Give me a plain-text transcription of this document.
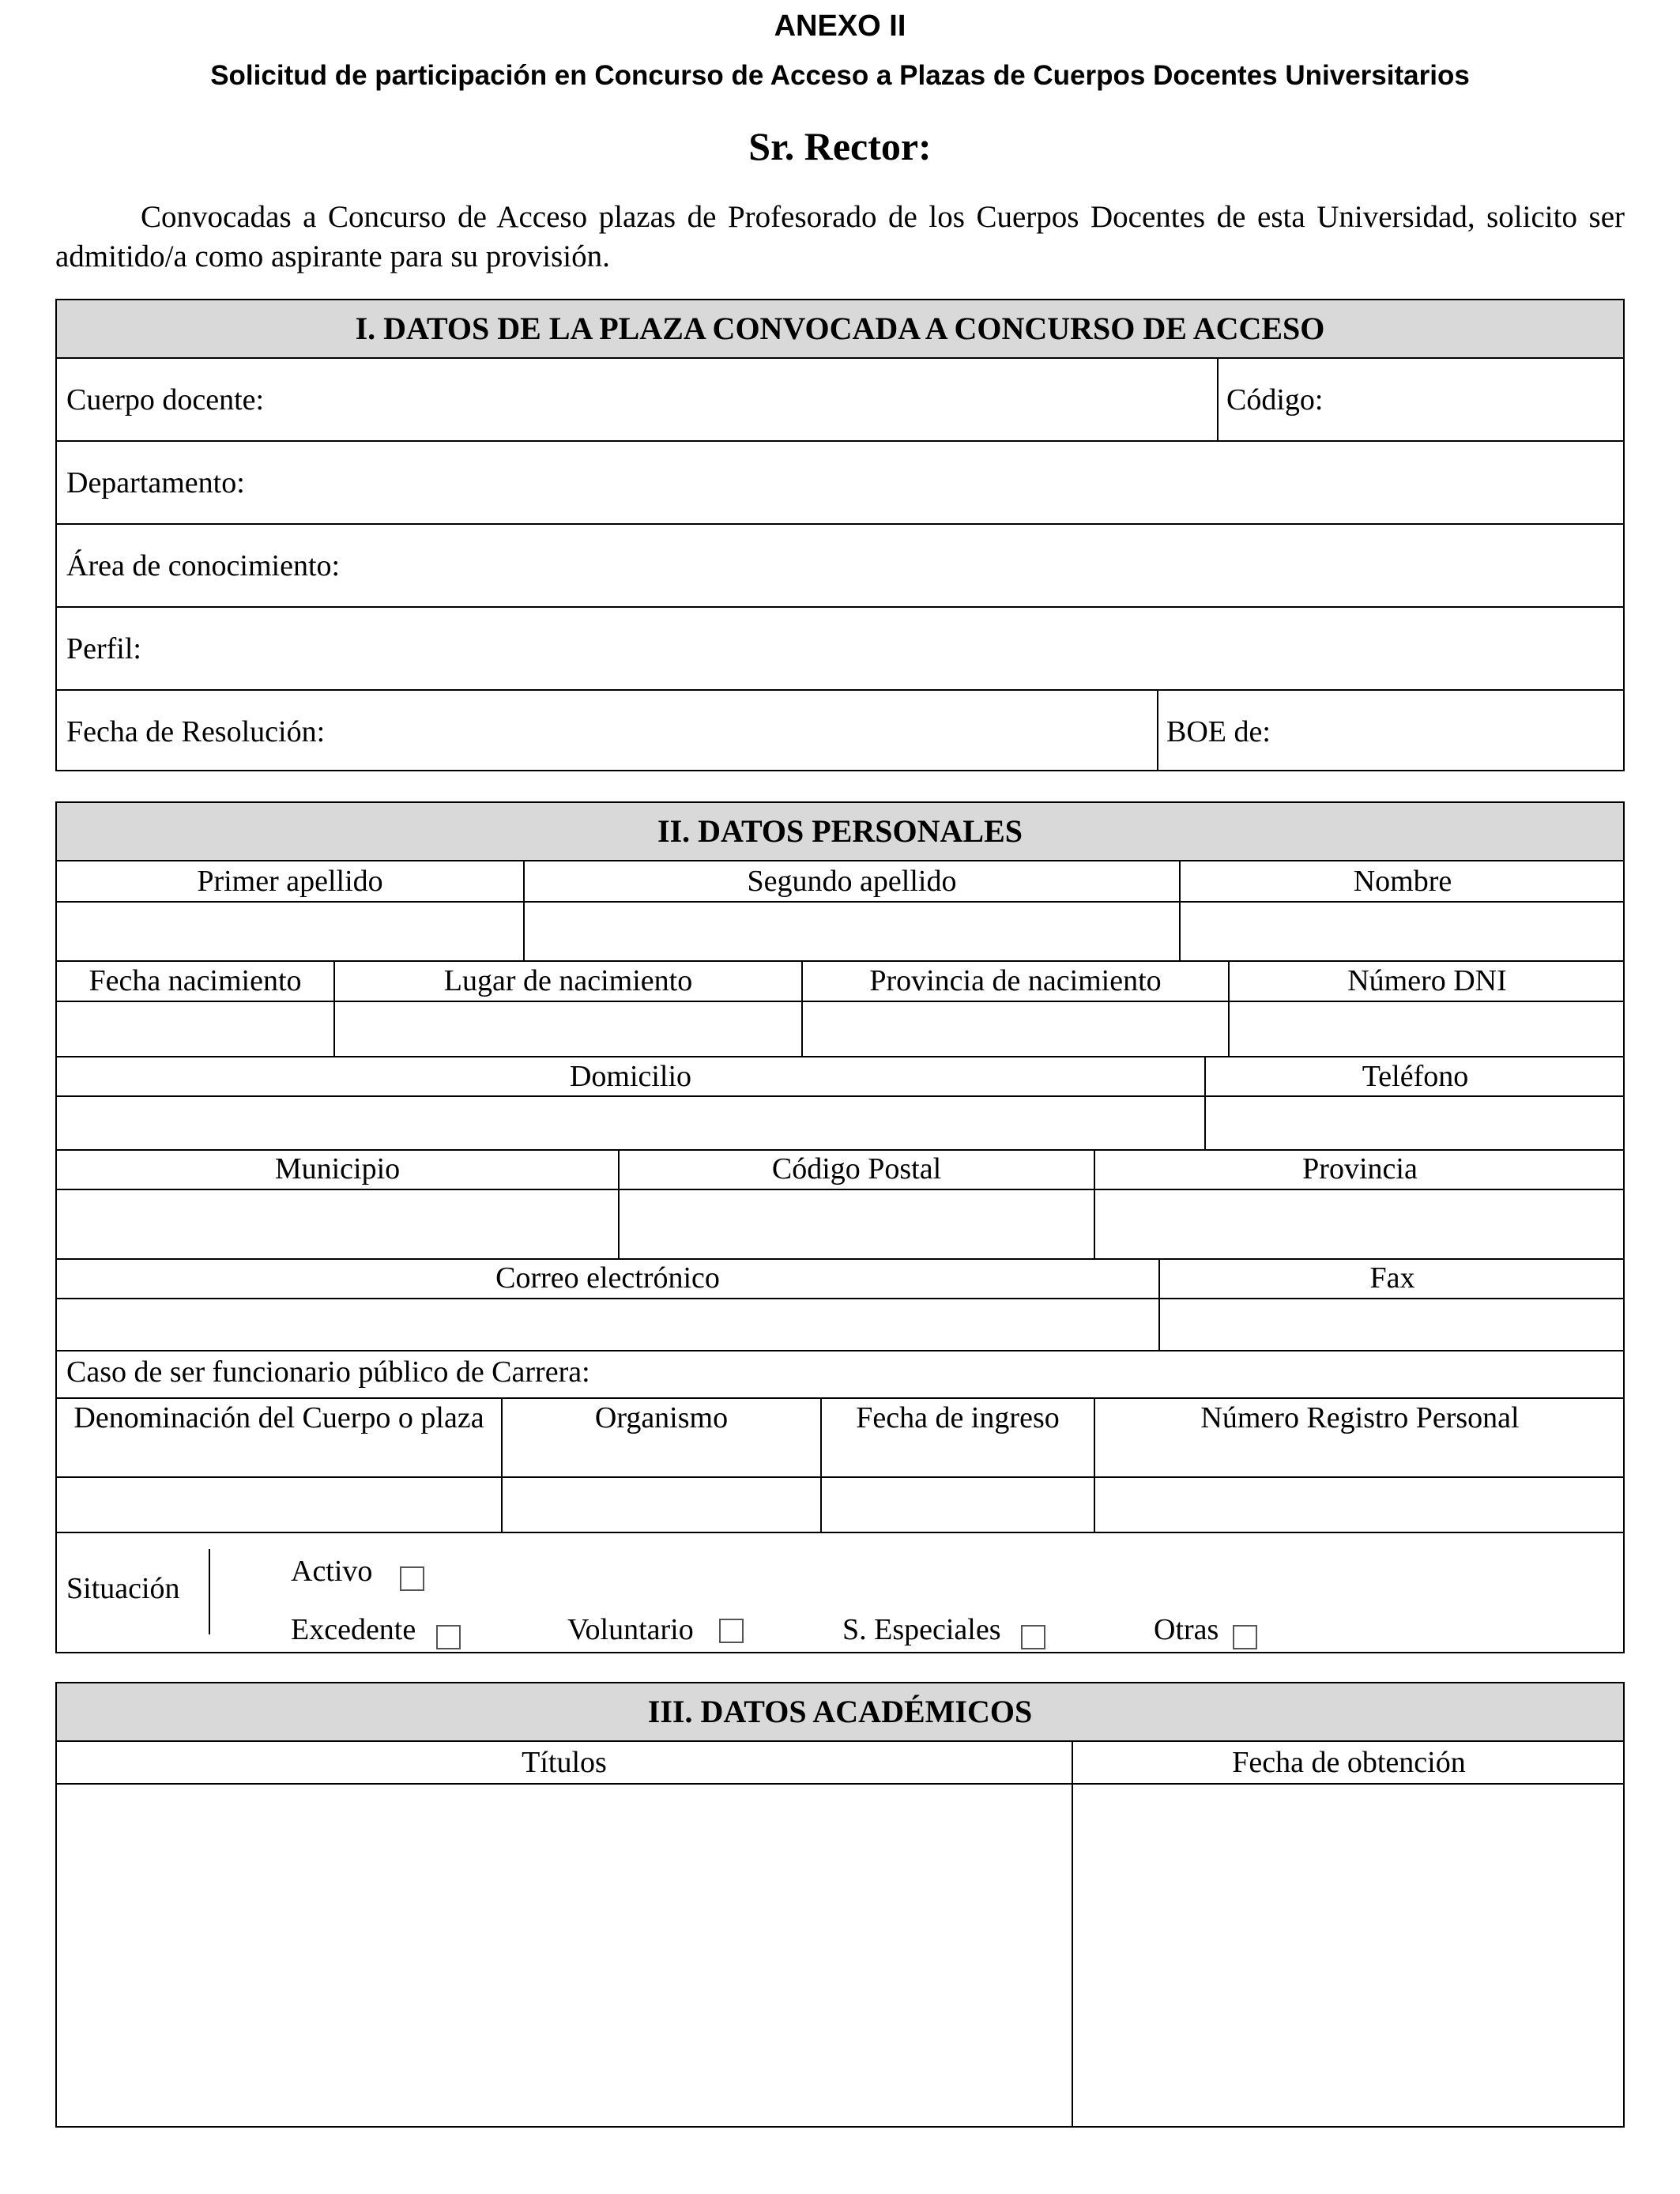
ANEXO II
Solicitud de participación en Concurso de Acceso a Plazas de Cuerpos Docentes Universitarios
Sr. Rector:
Convocadas a Concurso de Acceso plazas de Profesorado de los Cuerpos Docentes de esta Universidad, solicito ser admitido/a como aspirante para su provisión.
I. DATOS DE LA PLAZA CONVOCADA A CONCURSO DE ACCESO
Cuerpo docente:	Código:
Departamento:
Área de conocimiento:
Perfil:
Fecha de Resolución:	BOE de:
II. DATOS PERSONALES
Primer apellido	Segundo apellido	Nombre
Fecha nacimiento	Lugar de nacimiento	Provincia de nacimiento	Número DNI
Domicilio	Teléfono
Municipio	Código Postal	Provincia
Correo electrónico	Fax
Caso de ser funcionario público de Carrera:
Denominación del Cuerpo o plaza	Organismo	Fecha de ingreso	Número Registro Personal
Situación
Activo
Excedente	Voluntario	S. Especiales	Otras
III. DATOS ACADÉMICOS
Títulos	Fecha de obtención
